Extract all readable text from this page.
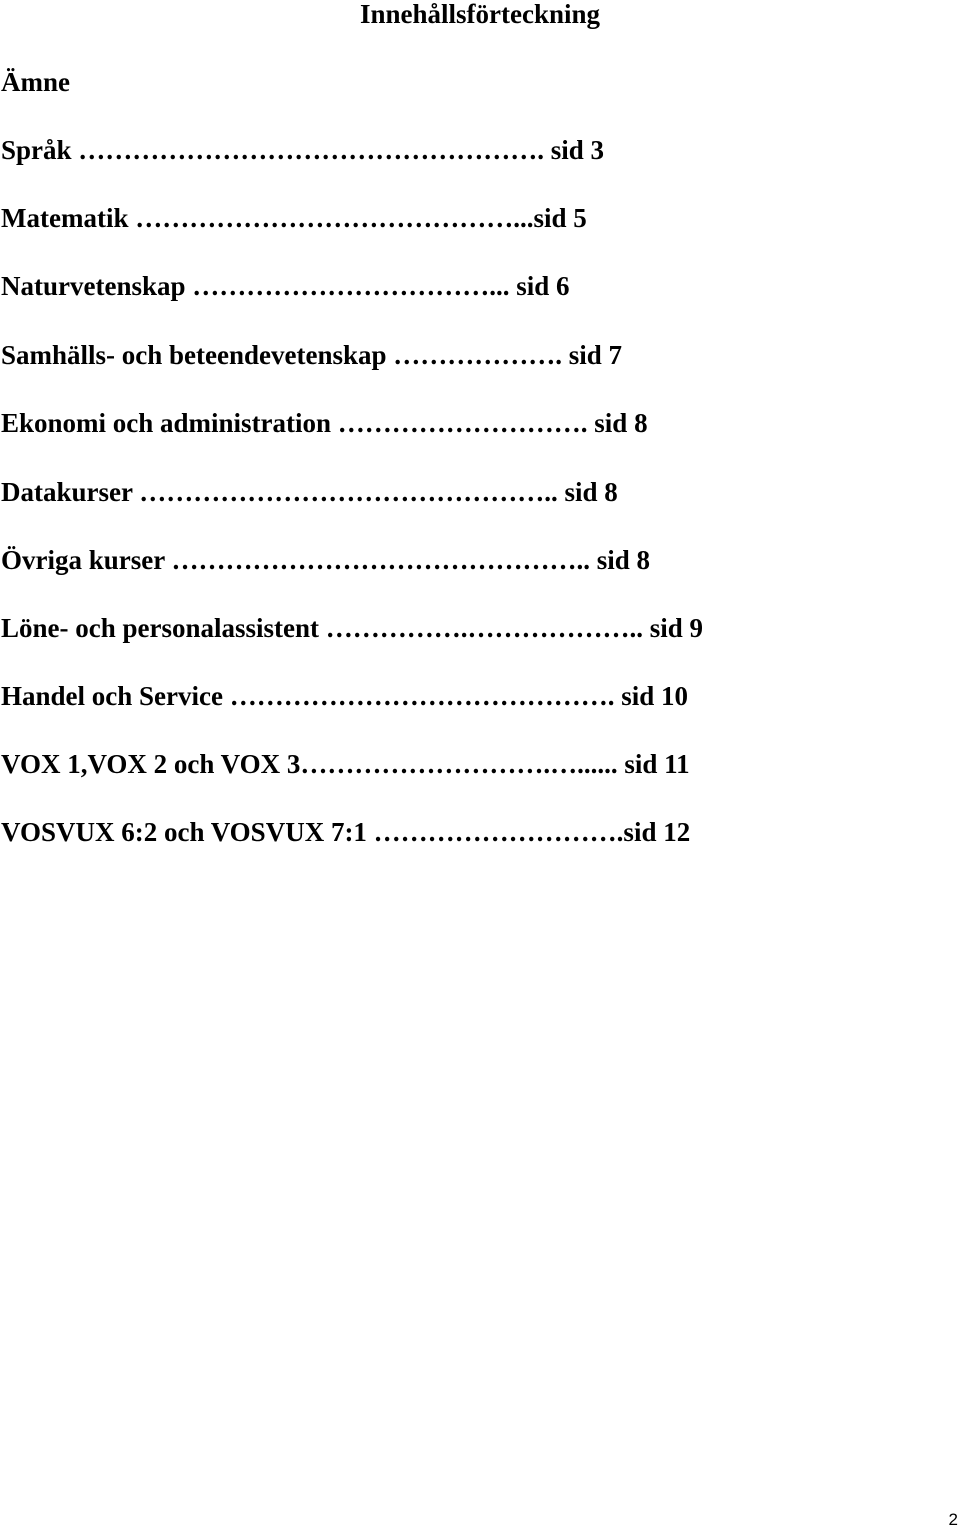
Innehållsförteckning
Ämne
Språk ……………………………………………. sid 3
Matematik ……………………………………...sid 5
Naturvetenskap ……………………………... sid 6
Samhälls- och beteendevetenskap ………………. sid 7
Ekonomi och administration ………………………. sid 8
Datakurser ……………………………………….. sid 8
Övriga kurser ……………………………………….. sid 8
Löne- och personalassistent …………….……………….. sid 9
Handel och Service ……………………………………. sid 10
VOX 1,VOX 2 och VOX 3……………………….…...... sid 11
VOSVUX 6:2 och VOSVUX 7:1 ……………………….sid 12
2
